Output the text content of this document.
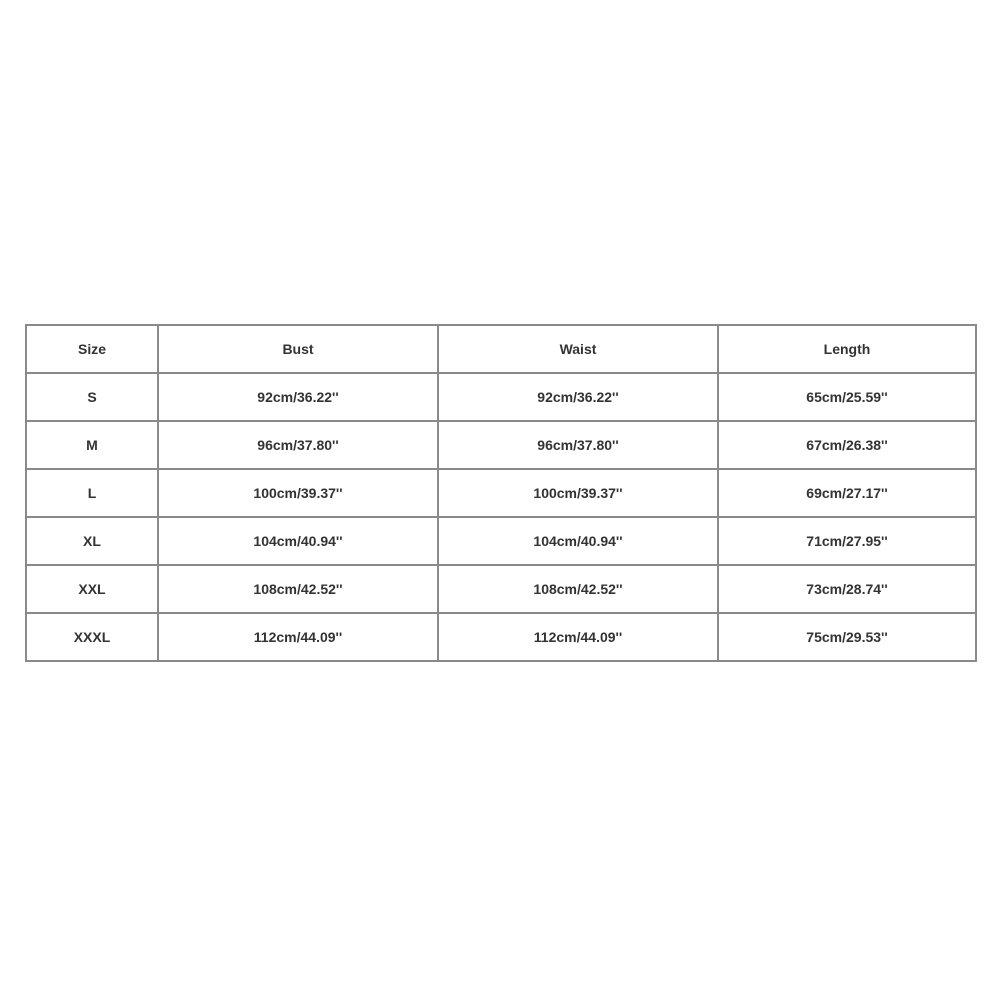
Size	Bust	Waist	Length
S	92cm/36.22''	92cm/36.22''	65cm/25.59''
M	96cm/37.80''	96cm/37.80''	67cm/26.38''
L	100cm/39.37''	100cm/39.37''	69cm/27.17''
XL	104cm/40.94''	104cm/40.94''	71cm/27.95''
XXL	108cm/42.52''	108cm/42.52''	73cm/28.74''
XXXL	112cm/44.09''	112cm/44.09''	75cm/29.53''
